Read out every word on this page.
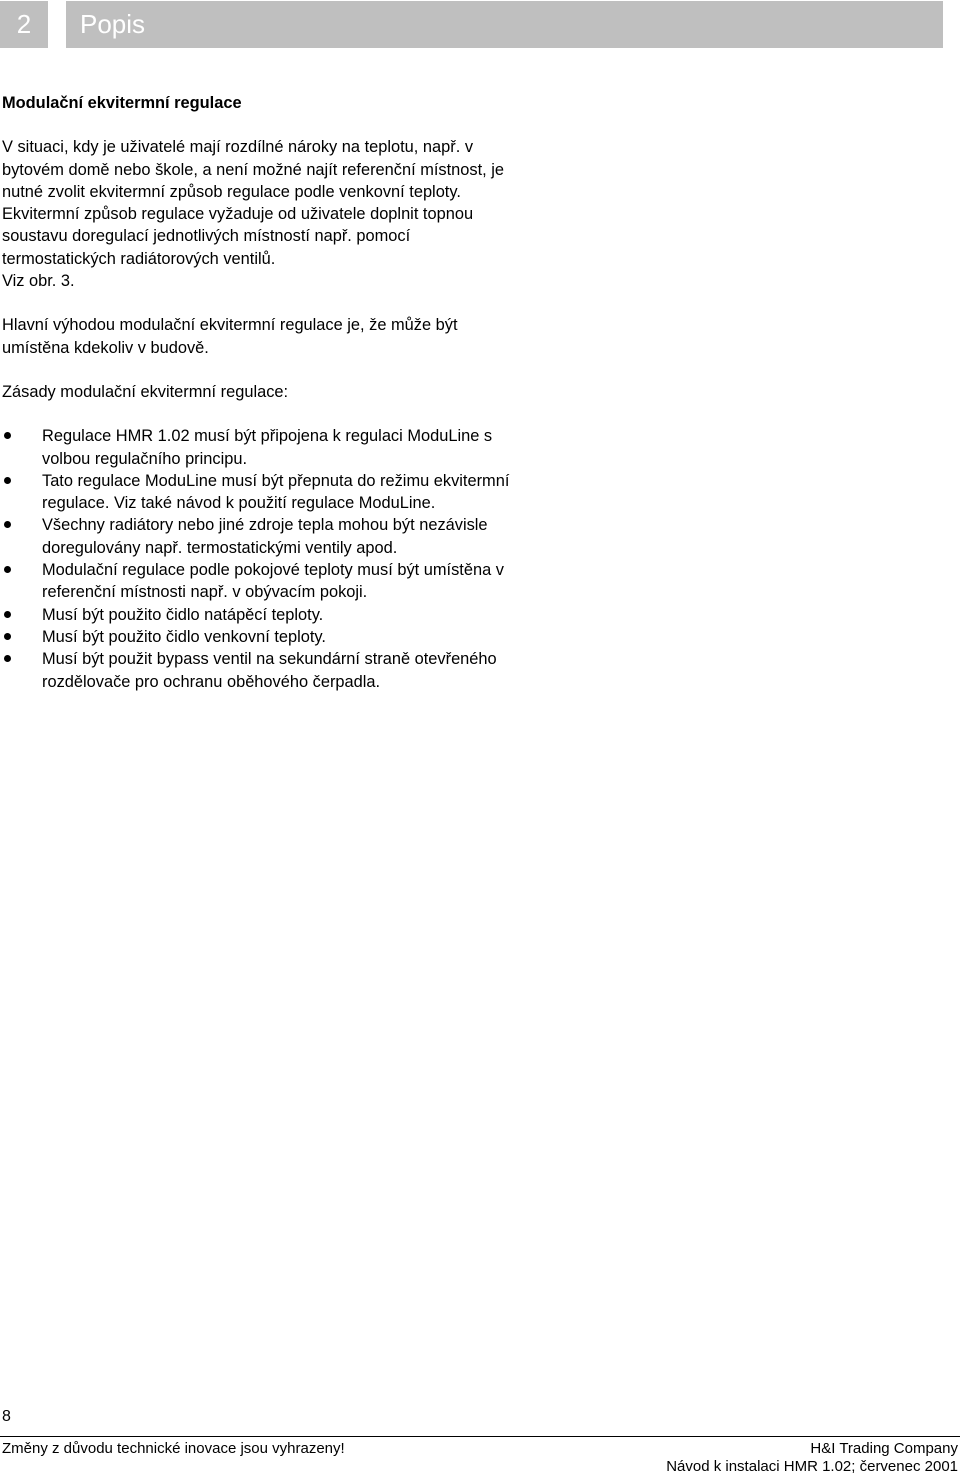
2	Popis

Modulační ekvitermní regulace

V situaci, kdy je uživatelé mají rozdílné nároky na teplotu, např. v bytovém domě nebo škole, a není možné najít referenční místnost, je nutné zvolit ekvitermní způsob regulace podle venkovní teploty.

Ekvitermní způsob regulace vyžaduje od uživatele doplnit topnou soustavu doregulací jednotlivých místností např. pomocí termostatických radiátorových ventilů.

Viz obr. 3.

Hlavní výhodou modulační ekvitermní regulace je, že může být umístěna kdekoliv v budově.

Zásady modulační ekvitermní regulace:

Regulace HMR 1.02 musí být připojena k regulaci ModuLine s volbou regulačního principu.
Tato regulace ModuLine musí být přepnuta do režimu ekvitermní regulace. Viz také návod k použití regulace ModuLine.
Všechny radiátory nebo jiné zdroje tepla mohou být nezávisle doregulovány např. termostatickými ventily apod.
Modulační regulace podle pokojové teploty musí být umístěna v referenční místnosti např. v obývacím pokoji.
Musí být použito čidlo natápěcí teploty.
Musí být použito čidlo venkovní teploty.
Musí být použit bypass ventil na sekundární straně otevřeného rozdělovače pro ochranu oběhového čerpadla.
8
Změny z důvodu technické inovace jsou vyhrazeny!	H&I Trading Company
Návod k instalaci HMR 1.02; červenec 2001
